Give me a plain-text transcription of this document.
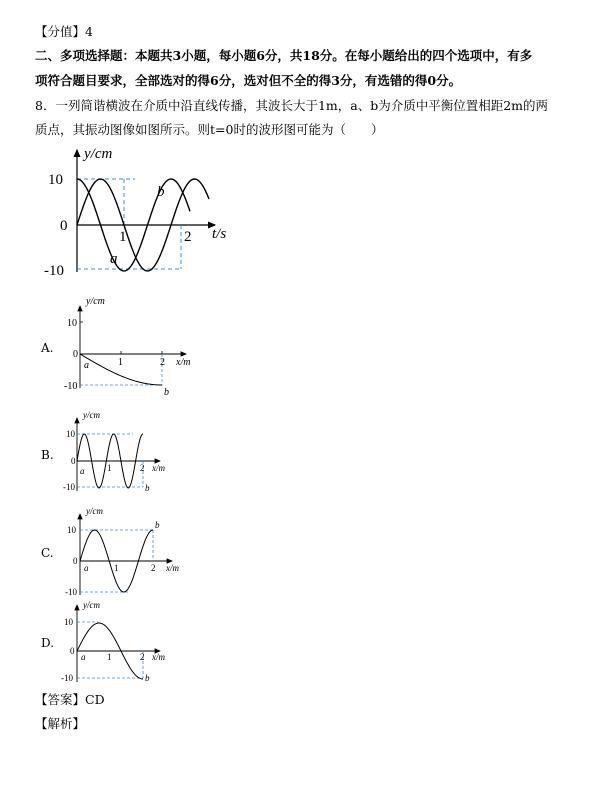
【分值】4
二、多项选择题：本题共3小题，每小题6分，共18分。在每小题给出的四个选项中，有多
项符合题目要求，全部选对的得6分，选对但不全的得3分，有选错的得0分。
8．一列简谐横波在介质中沿直线传播，其波长大于1m，a、b为介质中平衡位置相距2m的两
质点，其振动图像如图所示。则t=0时的波形图可能为（　　）
y/cm
10
0
-10
1	2 t/s
b
a
A.
y/cm
10
0
-10
1	2 x/m
a
b
B.
y/cm
10
0
-10
1	2 x/m
a
b
C.
y/cm
10
0
-10
1	2 x/m
a
b
D.
y/cm
10
0
-10
1	2 x/m
a
b
【答案】CD
【解析】
